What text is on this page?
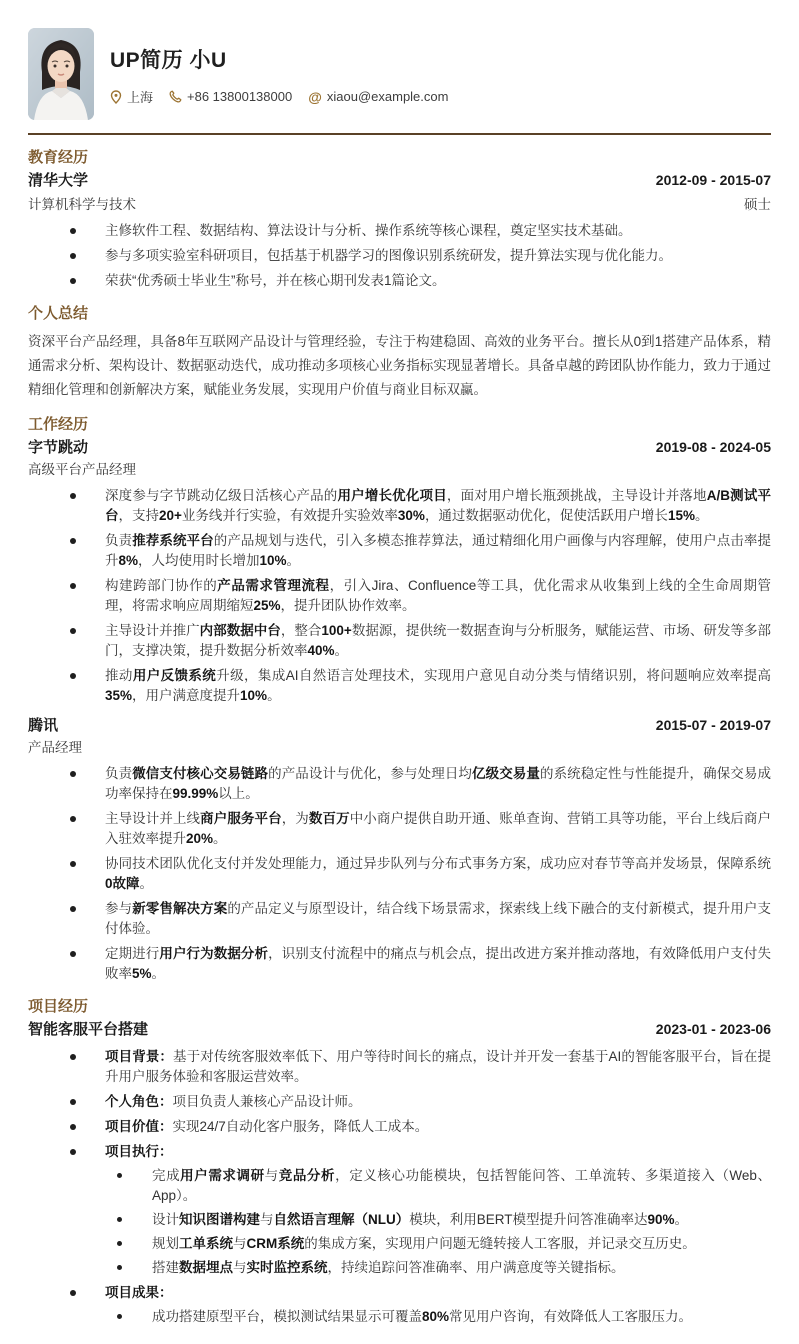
UP简历 小U
上海	+86 13800138000 @ xiaou@example.com
教育经历
清华大学	2012-09 - 2015-07
计算机科学与技术	硕士
主修软件工程、数据结构、算法设计与分析、操作系统等核心课程，奠定坚实技术基础。
参与多项实验室科研项目，包括基于机器学习的图像识别系统研发，提升算法实现与优化能力。
荣获“优秀硕士毕业生”称号，并在核心期刊发表1篇论文。
个人总结
资深平台产品经理，具备8年互联网产品设计与管理经验，专注于构建稳固、高效的业务平台。擅长从0到1搭建产品体系，精通需求分析、架构设计、数据驱动迭代，成功推动多项核心业务指标实现显著增长。具备卓越的跨团队协作能力，致力于通过精细化管理和创新解决方案，赋能业务发展，实现用户价值与商业目标双赢。
工作经历
字节跳动	2019-08 - 2024-05
高级平台产品经理
深度参与字节跳动亿级日活核心产品的用户增长优化项目，面对用户增长瓶颈挑战，主导设计并落地A/B测试平台，支持20+业务线并行实验，有效提升实验效率30%，通过数据驱动优化，促使活跃用户增长15%。
负责推荐系统平台的产品规划与迭代，引入多模态推荐算法，通过精细化用户画像与内容理解，使用户点击率提升8%，人均使用时长增加10%。
构建跨部门协作的产品需求管理流程，引入Jira、Confluence等工具，优化需求从收集到上线的全生命周期管理，将需求响应周期缩短25%，提升团队协作效率。
主导设计并推广内部数据中台，整合100+数据源，提供统一数据查询与分析服务，赋能运营、市场、研发等多部门，支撑决策，提升数据分析效率40%。
推动用户反馈系统升级，集成AI自然语言处理技术，实现用户意见自动分类与情绪识别，将问题响应效率提高35%，用户满意度提升10%。
腾讯	2015-07 - 2019-07
产品经理
负责微信支付核心交易链路的产品设计与优化，参与处理日均亿级交易量的系统稳定性与性能提升，确保交易成功率保持在99.99%以上。
主导设计并上线商户服务平台，为数百万中小商户提供自助开通、账单查询、营销工具等功能，平台上线后商户入驻效率提升20%。
协同技术团队优化支付并发处理能力，通过异步队列与分布式事务方案，成功应对春节等高并发场景，保障系统0故障。
参与新零售解决方案的产品定义与原型设计，结合线下场景需求，探索线上线下融合的支付新模式，提升用户支付体验。
定期进行用户行为数据分析，识别支付流程中的痛点与机会点，提出改进方案并推动落地，有效降低用户支付失败率5%。
项目经历
智能客服平台搭建	2023-01 - 2023-06
项目背景：基于对传统客服效率低下、用户等待时间长的痛点，设计并开发一套基于AI的智能客服平台，旨在提升用户服务体验和客服运营效率。
个人角色：项目负责人兼核心产品设计师。
项目价值：实现24/7自动化客户服务，降低人工成本。
项目执行：
完成用户需求调研与竞品分析，定义核心功能模块，包括智能问答、工单流转、多渠道接入（Web、App）。
设计知识图谱构建与自然语言理解（NLU）模块，利用BERT模型提升问答准确率达90%。
规划工单系统与CRM系统的集成方案，实现用户问题无缝转接人工客服，并记录交互历史。
搭建数据埋点与实时监控系统，持续追踪问答准确率、用户满意度等关键指标。
项目成果：
成功搭建原型平台，模拟测试结果显示可覆盖80%常见用户咨询，有效降低人工客服压力。
